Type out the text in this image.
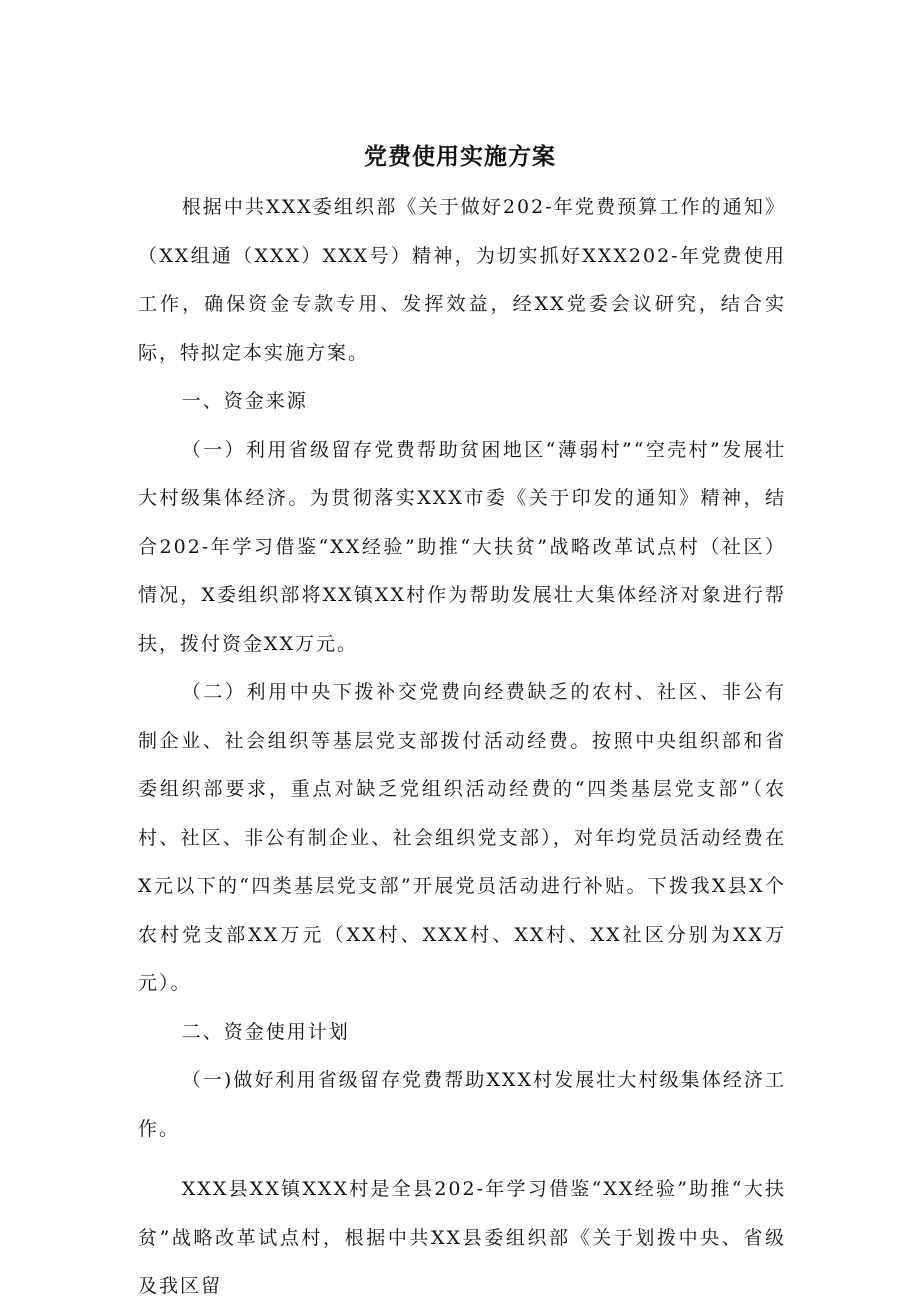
党费使用实施方案

根据中共XXX委组织部《关于做好202-年党费预算工作的通知》（XX组通（XXX）XXX号）精神，为切实抓好XXX202-年党费使用工作，确保资金专款专用、发挥效益，经XX党委会议研究，结合实际，特拟定本实施方案。

一、资金来源

（一）利用省级留存党费帮助贫困地区“薄弱村”“空壳村”发展壮大村级集体经济。为贯彻落实XXX市委《关于印发的通知》精神，结合202-年学习借鉴“XX经验”助推“大扶贫”战略改革试点村（社区）情况，X委组织部将XX镇XX村作为帮助发展壮大集体经济对象进行帮扶，拨付资金XX万元。

（二）利用中央下拨补交党费向经费缺乏的农村、社区、非公有制企业、社会组织等基层党支部拨付活动经费。按照中央组织部和省委组织部要求，重点对缺乏党组织活动经费的“四类基层党支部”（农村、社区、非公有制企业、社会组织党支部），对年均党员活动经费在X元以下的“四类基层党支部”开展党员活动进行补贴。下拨我X县X个农村党支部XX万元（XX村、XXX村、XX村、XX社区分别为XX万元）。

二、资金使用计划

（一)做好利用省级留存党费帮助XXX村发展壮大村级集体经济工作。

XXX县XX镇XXX村是全县202-年学习借鉴“XX经验”助推“大扶贫”战略改革试点村，根据中共XX县委组织部《关于划拨中央、省级及我区留
